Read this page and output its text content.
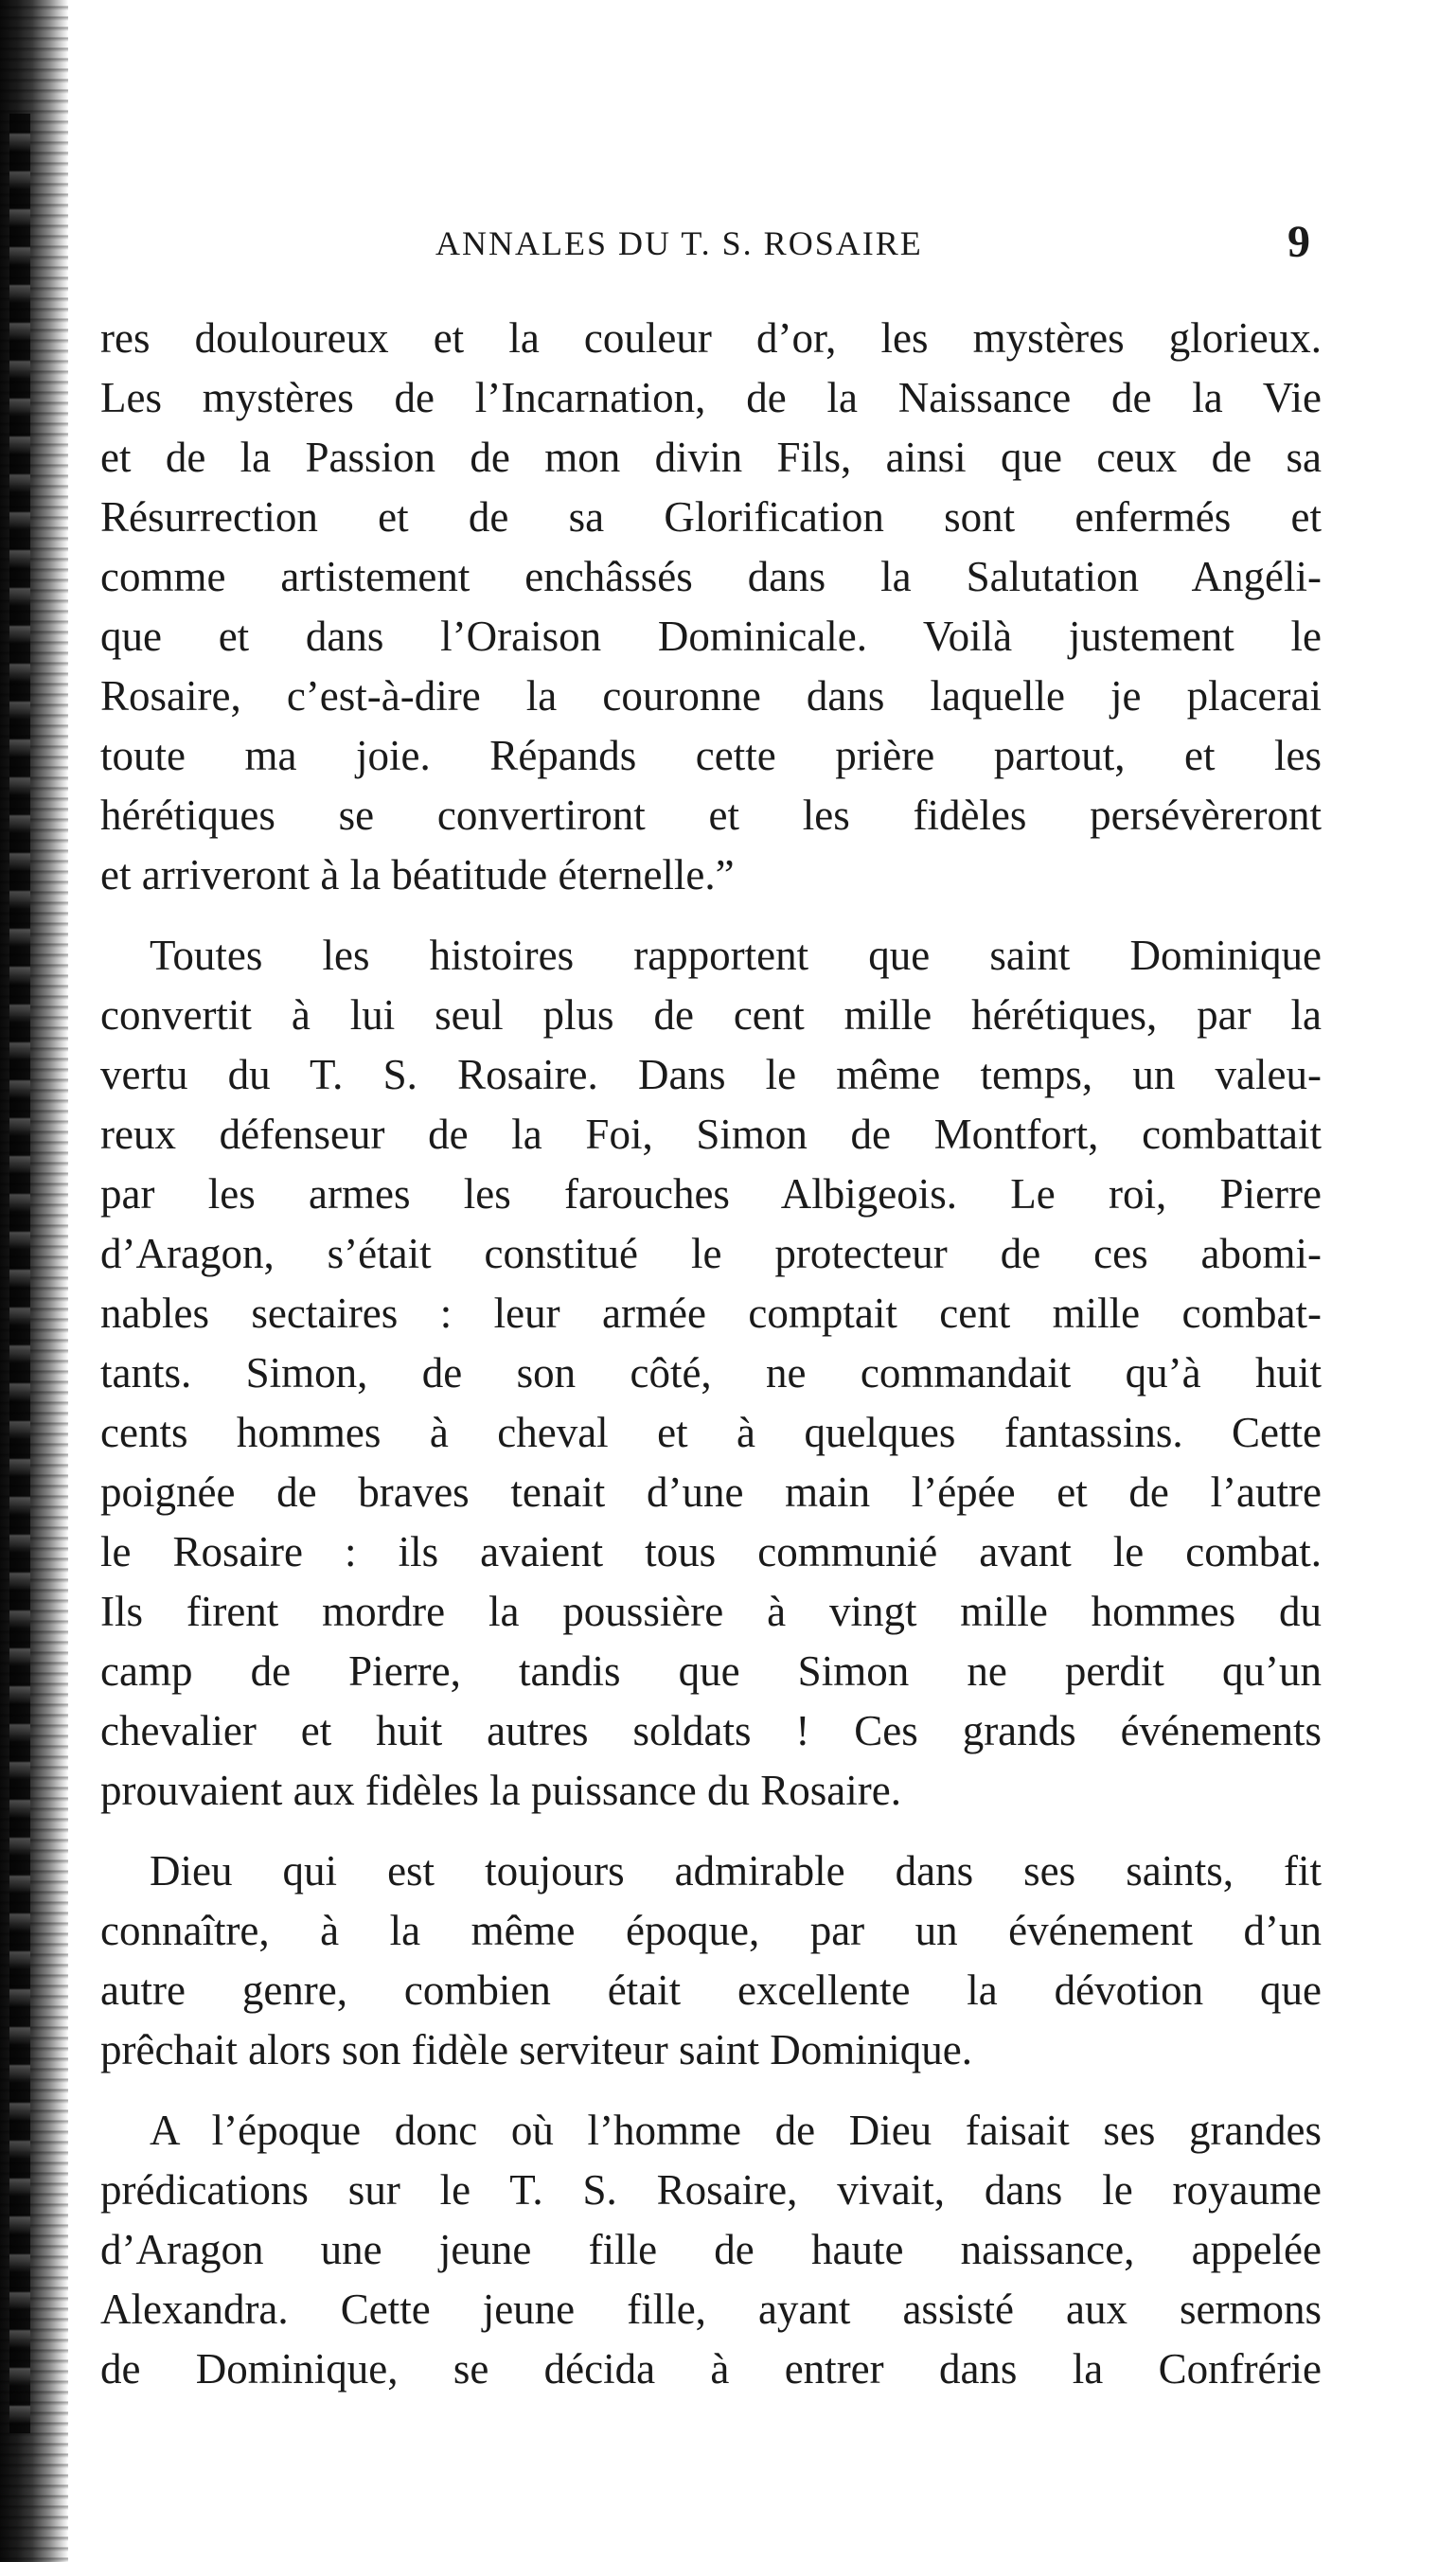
ANNALES DU T. S. ROSAIRE	9
res douloureux et la couleur d’or, les mystères glorieux.
Les mystères de l’Incarnation, de la Naissance de la Vie
et de la Passion de mon divin Fils, ainsi que ceux de sa
Résurrection et de sa Glorification sont enfermés et
comme artistement enchâssés dans la Salutation Angéli-
que et dans l’Oraison Dominicale. Voilà justement le
Rosaire, c’est-à-dire la couronne dans laquelle je placerai
toute ma joie. Répands cette prière partout, et les
hérétiques se convertiront et les fidèles persévèreront
et arriveront à la béatitude éternelle.”
Toutes les histoires rapportent que saint Dominique
convertit à lui seul plus de cent mille hérétiques, par la
vertu du T. S. Rosaire. Dans le même temps, un valeu-
reux défenseur de la Foi, Simon de Montfort, combattait
par les armes les farouches Albigeois. Le roi, Pierre
d’Aragon, s’était constitué le protecteur de ces abomi-
nables sectaires : leur armée comptait cent mille combat-
tants. Simon, de son côté, ne commandait qu’à huit
cents hommes à cheval et à quelques fantassins. Cette
poignée de braves tenait d’une main l’épée et de l’autre
le Rosaire : ils avaient tous communié avant le combat.
Ils firent mordre la poussière à vingt mille hommes du
camp de Pierre, tandis que Simon ne perdit qu’un
chevalier et huit autres soldats ! Ces grands événements
prouvaient aux fidèles la puissance du Rosaire.
Dieu qui est toujours admirable dans ses saints, fit
connaître, à la même époque, par un événement d’un
autre genre, combien était excellente la dévotion que
prêchait alors son fidèle serviteur saint Dominique.
A l’époque donc où l’homme de Dieu faisait ses grandes
prédications sur le T. S. Rosaire, vivait, dans le royaume
d’Aragon une jeune fille de haute naissance, appelée
Alexandra. Cette jeune fille, ayant assisté aux sermons
de Dominique, se décida à entrer dans la Confrérie
